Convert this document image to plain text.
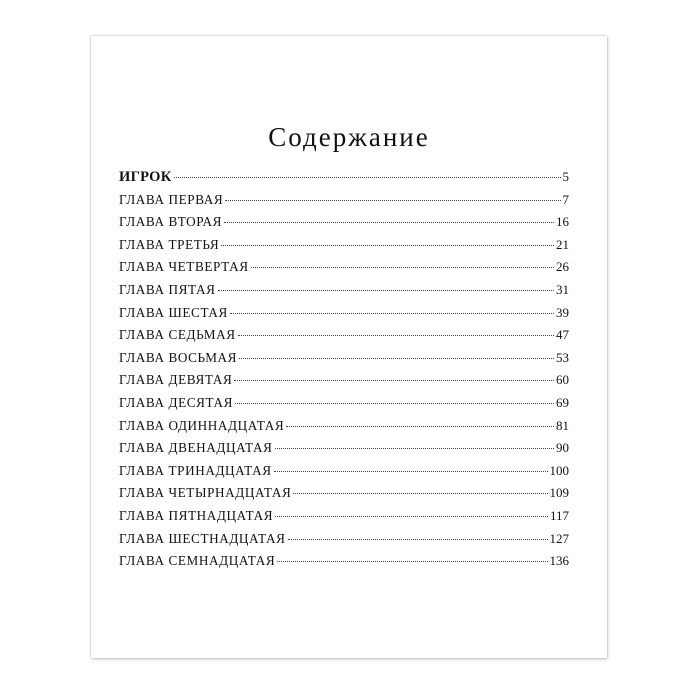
Содержание
ИГРОК	5
ГЛАВА ПЕРВАЯ	7
ГЛАВА ВТОРАЯ	16
ГЛАВА ТРЕТЬЯ	21
ГЛАВА ЧЕТВЕРТАЯ	26
ГЛАВА ПЯТАЯ	31
ГЛАВА ШЕСТАЯ	39
ГЛАВА СЕДЬМАЯ	47
ГЛАВА ВОСЬМАЯ	53
ГЛАВА ДЕВЯТАЯ	60
ГЛАВА ДЕСЯТАЯ	69
ГЛАВА ОДИННАДЦАТАЯ	81
ГЛАВА ДВЕНАДЦАТАЯ	90
ГЛАВА ТРИНАДЦАТАЯ	100
ГЛАВА ЧЕТЫРНАДЦАТАЯ	109
ГЛАВА ПЯТНАДЦАТАЯ	117
ГЛАВА ШЕСТНАДЦАТАЯ	127
ГЛАВА СЕМНАДЦАТАЯ	136
